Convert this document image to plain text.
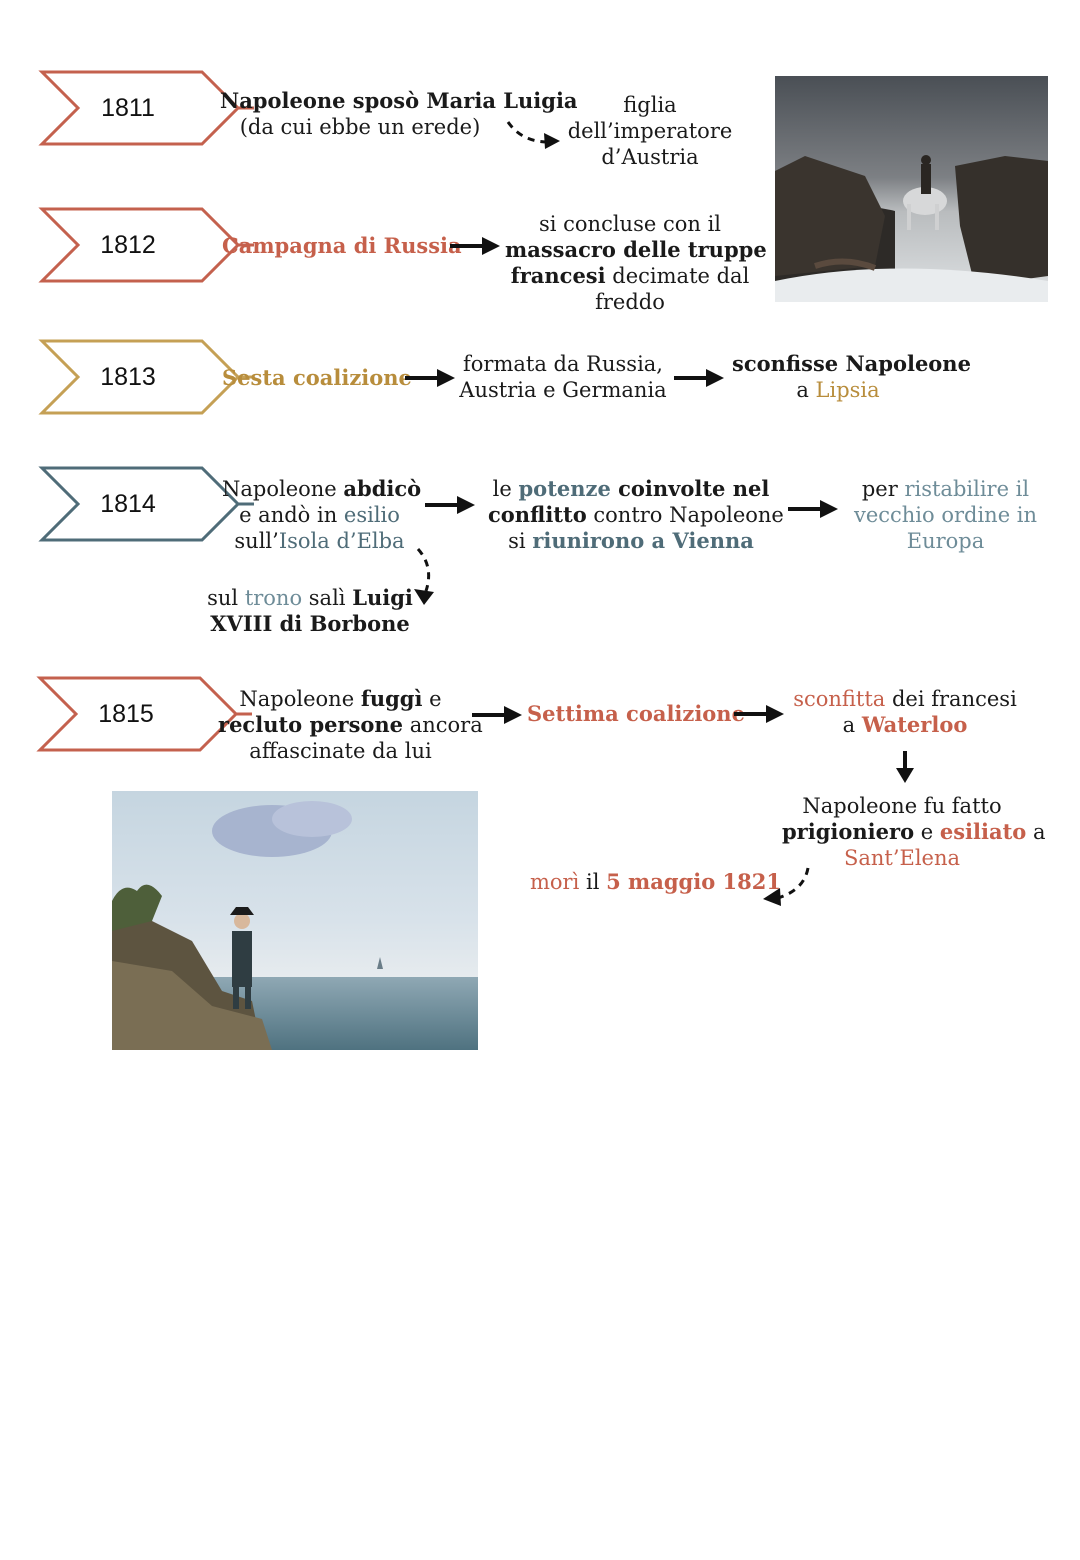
1811
1812
1813
1814
1815
Napoleone sposò Maria Luigia
(da cui ebbe un erede)
figlia
dell’imperatore
d’Austria
Campagna di Russia
si concluse con il
massacro delle truppe
francesi decimate dal
freddo
Sesta coalizione
formata da Russia,
Austria e Germania
sconfisse Napoleone
a Lipsia
Napoleone abdicò
e andò in esilio
sull’Isola d’Elba
le potenze coinvolte nel
conflitto contro Napoleone
si riunirono a Vienna
per ristabilire il
vecchio ordine in
Europa
sul trono salì Luigi
XVIII di Borbone
Napoleone fuggì e
recluto persone ancora
affascinate da lui
Settima coalizione
sconfitta dei francesi
a Waterloo
Napoleone fu fatto
prigioniero e esiliato a
Sant’Elena
morì il 5 maggio 1821
